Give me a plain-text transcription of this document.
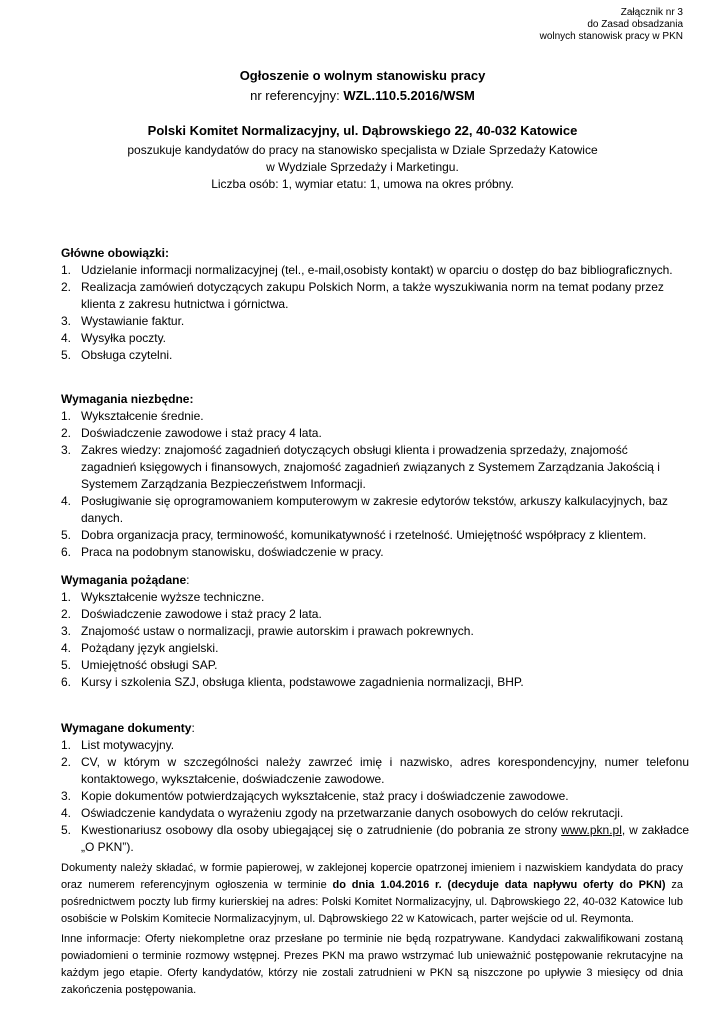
Załącznik nr 3
do Zasad obsadzania
wolnych stanowisk pracy w PKN
Ogłoszenie o wolnym stanowisku pracy
nr referencyjny: WZL.110.5.2016/WSM
Polski Komitet Normalizacyjny, ul. Dąbrowskiego 22, 40-032 Katowice
poszukuje kandydatów do pracy na stanowisko specjalista w Dziale Sprzedaży Katowice
w Wydziale Sprzedaży i Marketingu.
Liczba osób: 1, wymiar etatu: 1, umowa na okres próbny.
Główne obowiązki:
1. Udzielanie informacji normalizacyjnej (tel., e-mail,osobisty kontakt) w oparciu o dostęp do baz bibliograficznych.
2. Realizacja zamówień dotyczących zakupu Polskich Norm, a także wyszukiwania norm na temat podany przez klienta z zakresu hutnictwa i górnictwa.
3. Wystawianie faktur.
4. Wysyłka poczty.
5. Obsługa czytelni.
Wymagania niezbędne:
1. Wykształcenie średnie.
2. Doświadczenie zawodowe i staż pracy 4 lata.
3. Zakres wiedzy: znajomość zagadnień dotyczących obsługi klienta i prowadzenia sprzedaży, znajomość zagadnień księgowych i finansowych, znajomość zagadnień związanych z Systemem Zarządzania Jakością i Systemem Zarządzania Bezpieczeństwem Informacji.
4. Posługiwanie się oprogramowaniem komputerowym w zakresie edytorów tekstów, arkuszy kalkulacyjnych, baz danych.
5. Dobra organizacja pracy, terminowość, komunikatywność i rzetelność. Umiejętność współpracy z klientem.
6. Praca na podobnym stanowisku, doświadczenie w pracy.
Wymagania pożądane:
1. Wykształcenie wyższe techniczne.
2. Doświadczenie zawodowe i staż pracy 2 lata.
3. Znajomość ustaw o normalizacji, prawie autorskim i prawach pokrewnych.
4. Pożądany język angielski.
5. Umiejętność obsługi SAP.
6. Kursy i szkolenia SZJ, obsługa klienta, podstawowe zagadnienia normalizacji, BHP.
Wymagane dokumenty:
1. List motywacyjny.
2. CV, w którym w szczególności należy zawrzeć imię i nazwisko, adres korespondencyjny, numer telefonu kontaktowego, wykształcenie, doświadczenie zawodowe.
3. Kopie dokumentów potwierdzających wykształcenie, staż pracy i doświadczenie zawodowe.
4. Oświadczenie kandydata o wyrażeniu zgody na przetwarzanie danych osobowych do celów rekrutacji.
5. Kwestionariusz osobowy dla osoby ubiegającej się o zatrudnienie (do pobrania ze strony www.pkn.pl, w zakładce „O PKN”).
Dokumenty należy składać, w formie papierowej, w zaklejonej kopercie opatrzonej imieniem i nazwiskiem kandydata do pracy oraz numerem referencyjnym ogłoszenia w terminie do dnia 1.04.2016 r. (decyduje data napływu oferty do PKN) za pośrednictwem poczty lub firmy kurierskiej na adres: Polski Komitet Normalizacyjny, ul. Dąbrowskiego 22, 40-032 Katowice lub osobiście w Polskim Komitecie Normalizacyjnym, ul. Dąbrowskiego 22 w Katowicach, parter wejście od ul. Reymonta.
Inne informacje: Oferty niekompletne oraz przesłane po terminie nie będą rozpatrywane. Kandydaci zakwalifikowani zostaną powiadomieni o terminie rozmowy wstępnej. Prezes PKN ma prawo wstrzymać lub unieważnić postępowanie rekrutacyjne na każdym jego etapie. Oferty kandydatów, którzy nie zostali zatrudnieni w PKN są niszczone po upływie 3 miesięcy od dnia zakończenia postępowania.
